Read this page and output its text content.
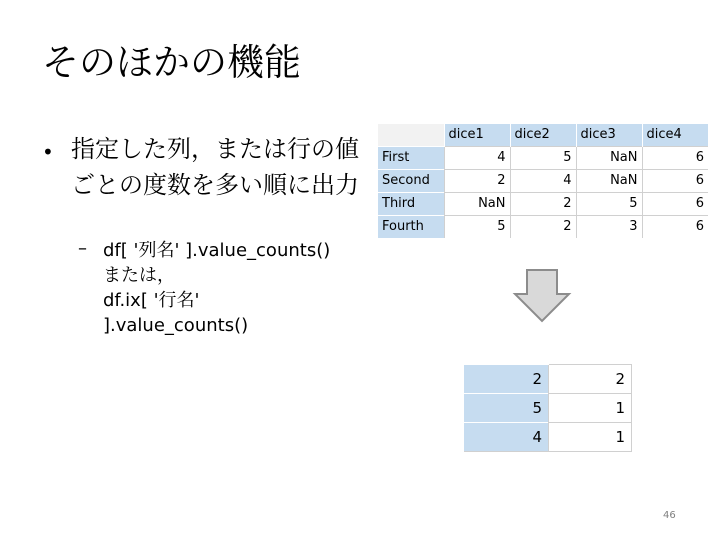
そのほかの機能
• 指定した列，または行の値ごとの度数を多い順に出力
– df[ '列名' ].value_counts()
または，
df.ix[ '行名'
].value_counts()
	dice1	dice2	dice3	dice4
First	4	5	NaN	6
Second	2	4	NaN	6
Third	NaN	2	5	6
Fourth	5	2	3	6
2	2
5	1
4	1
46
